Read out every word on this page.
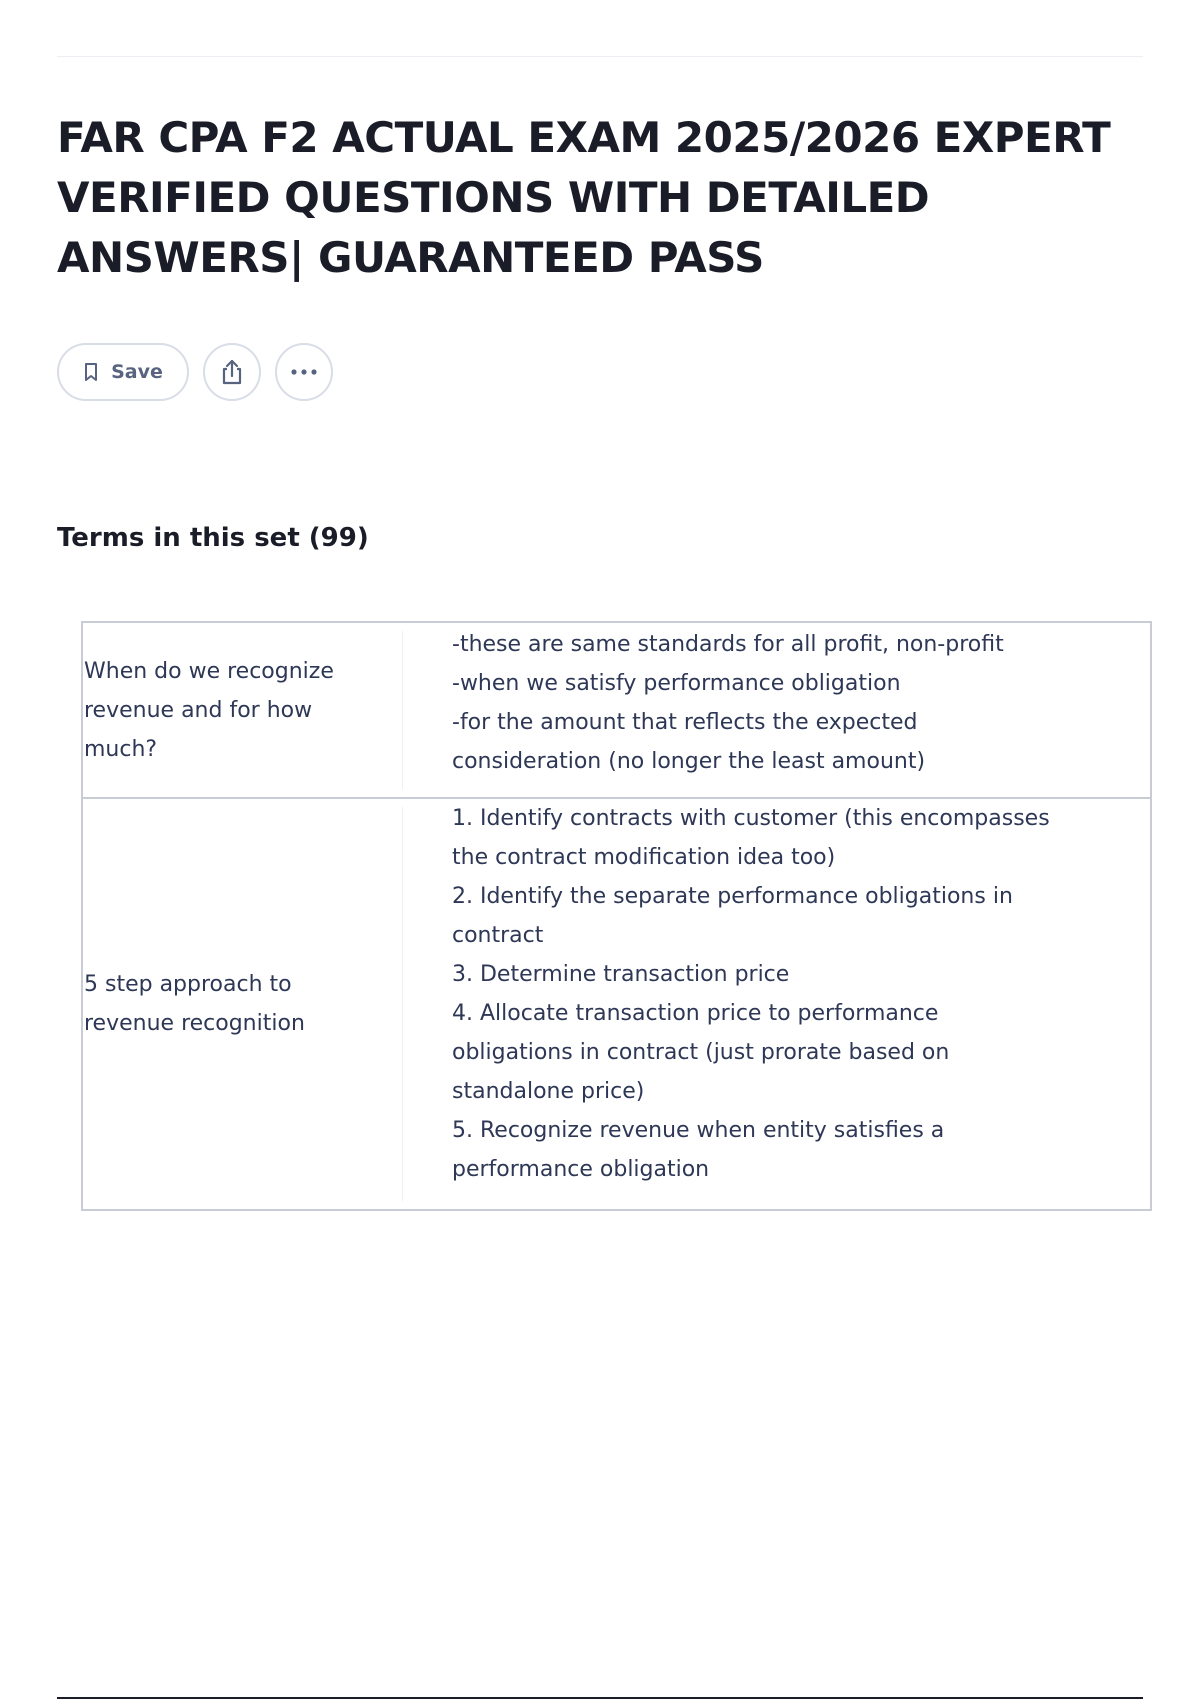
FAR CPA F2 ACTUAL EXAM 2025/2026 EXPERT VERIFIED QUESTIONS WITH DETAILED ANSWERS| GUARANTEED PASS
Save
Terms in this set (99)

When do we recognize
revenue and for how
much?

-these are same standards for all profit, non-profit
-when we satisfy performance obligation
-for the amount that reflects the expected
consideration (no longer the least amount)

5 step approach to
revenue recognition

1. Identify contracts with customer (this encompasses
the contract modification idea too)
2. Identify the separate performance obligations in
contract
3. Determine transaction price
4. Allocate transaction price to performance
obligations in contract (just prorate based on
standalone price)
5. Recognize revenue when entity satisfies a
performance obligation
